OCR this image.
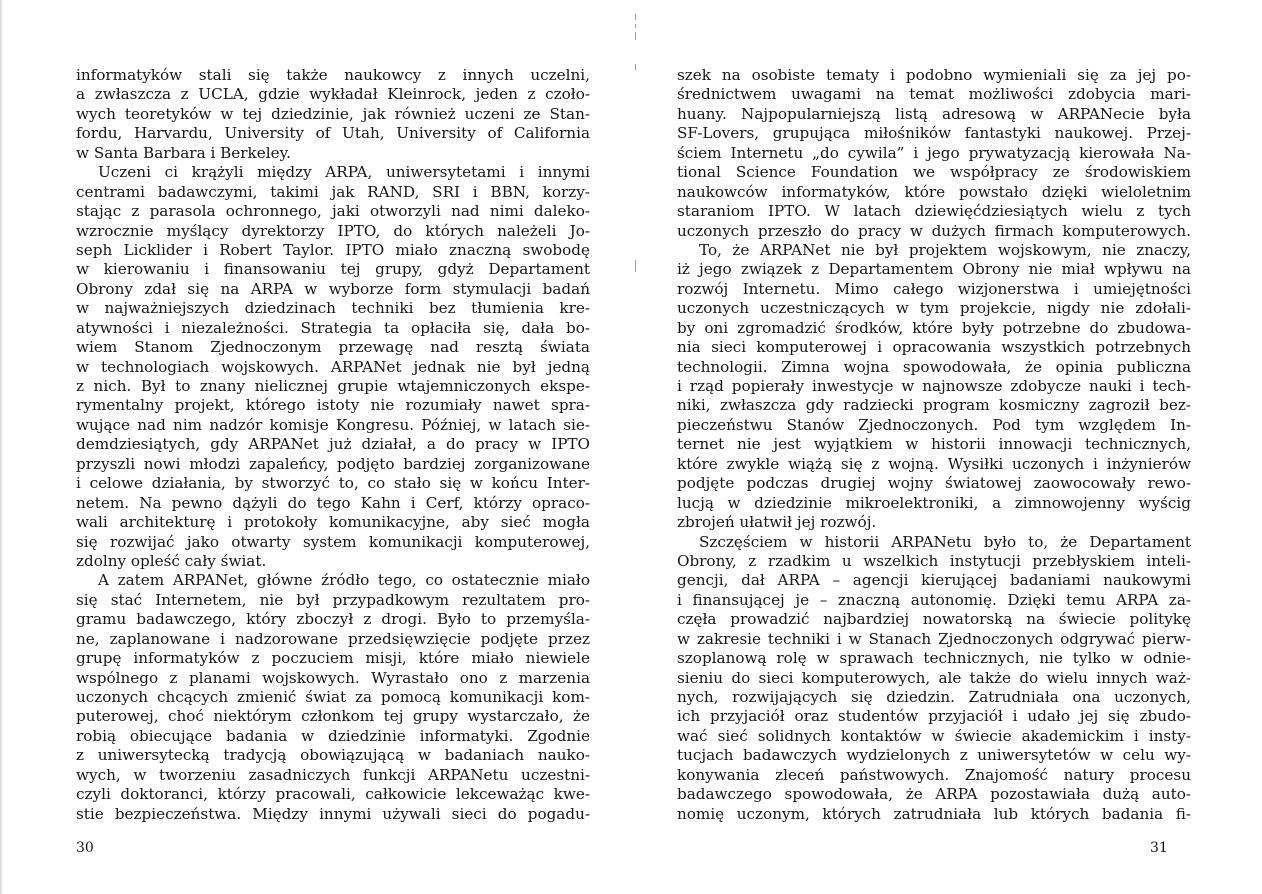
informatyków stali się także naukowcy z innych uczelni,
a zwłaszcza z UCLA, gdzie wykładał Kleinrock, jeden z czoło-
wych teoretyków w tej dziedzinie, jak również uczeni ze Stan-
fordu, Harvardu, University of Utah, University of California
w Santa Barbara i Berkeley.
Uczeni ci krążyli między ARPA, uniwersytetami i innymi
centrami badawczymi, takimi jak RAND, SRI i BBN, korzy-
stając z parasola ochronnego, jaki otworzyli nad nimi daleko-
wzrocznie myślący dyrektorzy IPTO, do których należeli Jo-
seph Licklider i Robert Taylor. IPTO miało znaczną swobodę
w kierowaniu i finansowaniu tej grupy, gdyż Departament
Obrony zdał się na ARPA w wyborze form stymulacji badań
w najważniejszych dziedzinach techniki bez tłumienia kre-
atywności i niezależności. Strategia ta opłaciła się, dała bo-
wiem Stanom Zjednoczonym przewagę nad resztą świata
w technologiach wojskowych. ARPANet jednak nie był jedną
z nich. Był to znany nielicznej grupie wtajemniczonych ekspe-
rymentalny projekt, którego istoty nie rozumiały nawet spra-
wujące nad nim nadzór komisje Kongresu. Później, w latach sie-
demdziesiątych, gdy ARPANet już działał, a do pracy w IPTO
przyszli nowi młodzi zapaleńcy, podjęto bardziej zorganizowane
i celowe działania, by stworzyć to, co stało się w końcu Inter-
netem. Na pewno dążyli do tego Kahn i Cerf, którzy opraco-
wali architekturę i protokoły komunikacyjne, aby sieć mogła
się rozwijać jako otwarty system komunikacji komputerowej,
zdolny opleść cały świat.
A zatem ARPANet, główne źródło tego, co ostatecznie miało
się stać Internetem, nie był przypadkowym rezultatem pro-
gramu badawczego, który zboczył z drogi. Było to przemyśla-
ne, zaplanowane i nadzorowane przedsięwzięcie podjęte przez
grupę informatyków z poczuciem misji, które miało niewiele
wspólnego z planami wojskowych. Wyrastało ono z marzenia
uczonych chcących zmienić świat za pomocą komunikacji kom-
puterowej, choć niektórym członkom tej grupy wystarczało, że
robią obiecujące badania w dziedzinie informatyki. Zgodnie
z uniwersytecką tradycją obowiązującą w badaniach nauko-
wych, w tworzeniu zasadniczych funkcji ARPANetu uczestni-
czyli doktoranci, którzy pracowali, całkowicie lekceważąc kwe-
stie bezpieczeństwa. Między innymi używali sieci do pogadu-
30
szek na osobiste tematy i podobno wymieniali się za jej po-
średnictwem uwagami na temat możliwości zdobycia mari-
huany. Najpopularniejszą listą adresową w ARPANecie była
SF-Lovers, grupująca miłośników fantastyki naukowej. Przej-
ściem Internetu „do cywila” i jego prywatyzacją kierowała Na-
tional Science Foundation we współpracy ze środowiskiem
naukowców informatyków, które powstało dzięki wieloletnim
staraniom IPTO. W latach dziewięćdziesiątych wielu z tych
uczonych przeszło do pracy w dużych firmach komputerowych.
To, że ARPANet nie był projektem wojskowym, nie znaczy,
iż jego związek z Departamentem Obrony nie miał wpływu na
rozwój Internetu. Mimo całego wizjonerstwa i umiejętności
uczonych uczestniczących w tym projekcie, nigdy nie zdołali-
by oni zgromadzić środków, które były potrzebne do zbudowa-
nia sieci komputerowej i opracowania wszystkich potrzebnych
technologii. Zimna wojna spowodowała, że opinia publiczna
i rząd popierały inwestycje w najnowsze zdobycze nauki i tech-
niki, zwłaszcza gdy radziecki program kosmiczny zagroził bez-
pieczeństwu Stanów Zjednoczonych. Pod tym względem In-
ternet nie jest wyjątkiem w historii innowacji technicznych,
które zwykle wiążą się z wojną. Wysiłki uczonych i inżynierów
podjęte podczas drugiej wojny światowej zaowocowały rewo-
lucją w dziedzinie mikroelektroniki, a zimnowojenny wyścig
zbrojeń ułatwił jej rozwój.
Szczęściem w historii ARPANetu było to, że Departament
Obrony, z rzadkim u wszelkich instytucji przebłyskiem inteli-
gencji, dał ARPA – agencji kierującej badaniami naukowymi
i finansującej je – znaczną autonomię. Dzięki temu ARPA za-
częła prowadzić najbardziej nowatorską na świecie politykę
w zakresie techniki i w Stanach Zjednoczonych odgrywać pierw-
szoplanową rolę w sprawach technicznych, nie tylko w odnie-
sieniu do sieci komputerowych, ale także do wielu innych waż-
nych, rozwijających się dziedzin. Zatrudniała ona uczonych,
ich przyjaciół oraz studentów przyjaciół i udało jej się zbudo-
wać sieć solidnych kontaktów w świecie akademickim i insty-
tucjach badawczych wydzielonych z uniwersytetów w celu wy-
konywania zleceń państwowych. Znajomość natury procesu
badawczego spowodowała, że ARPA pozostawiała dużą auto-
nomię uczonym, których zatrudniała lub których badania fi-
31
